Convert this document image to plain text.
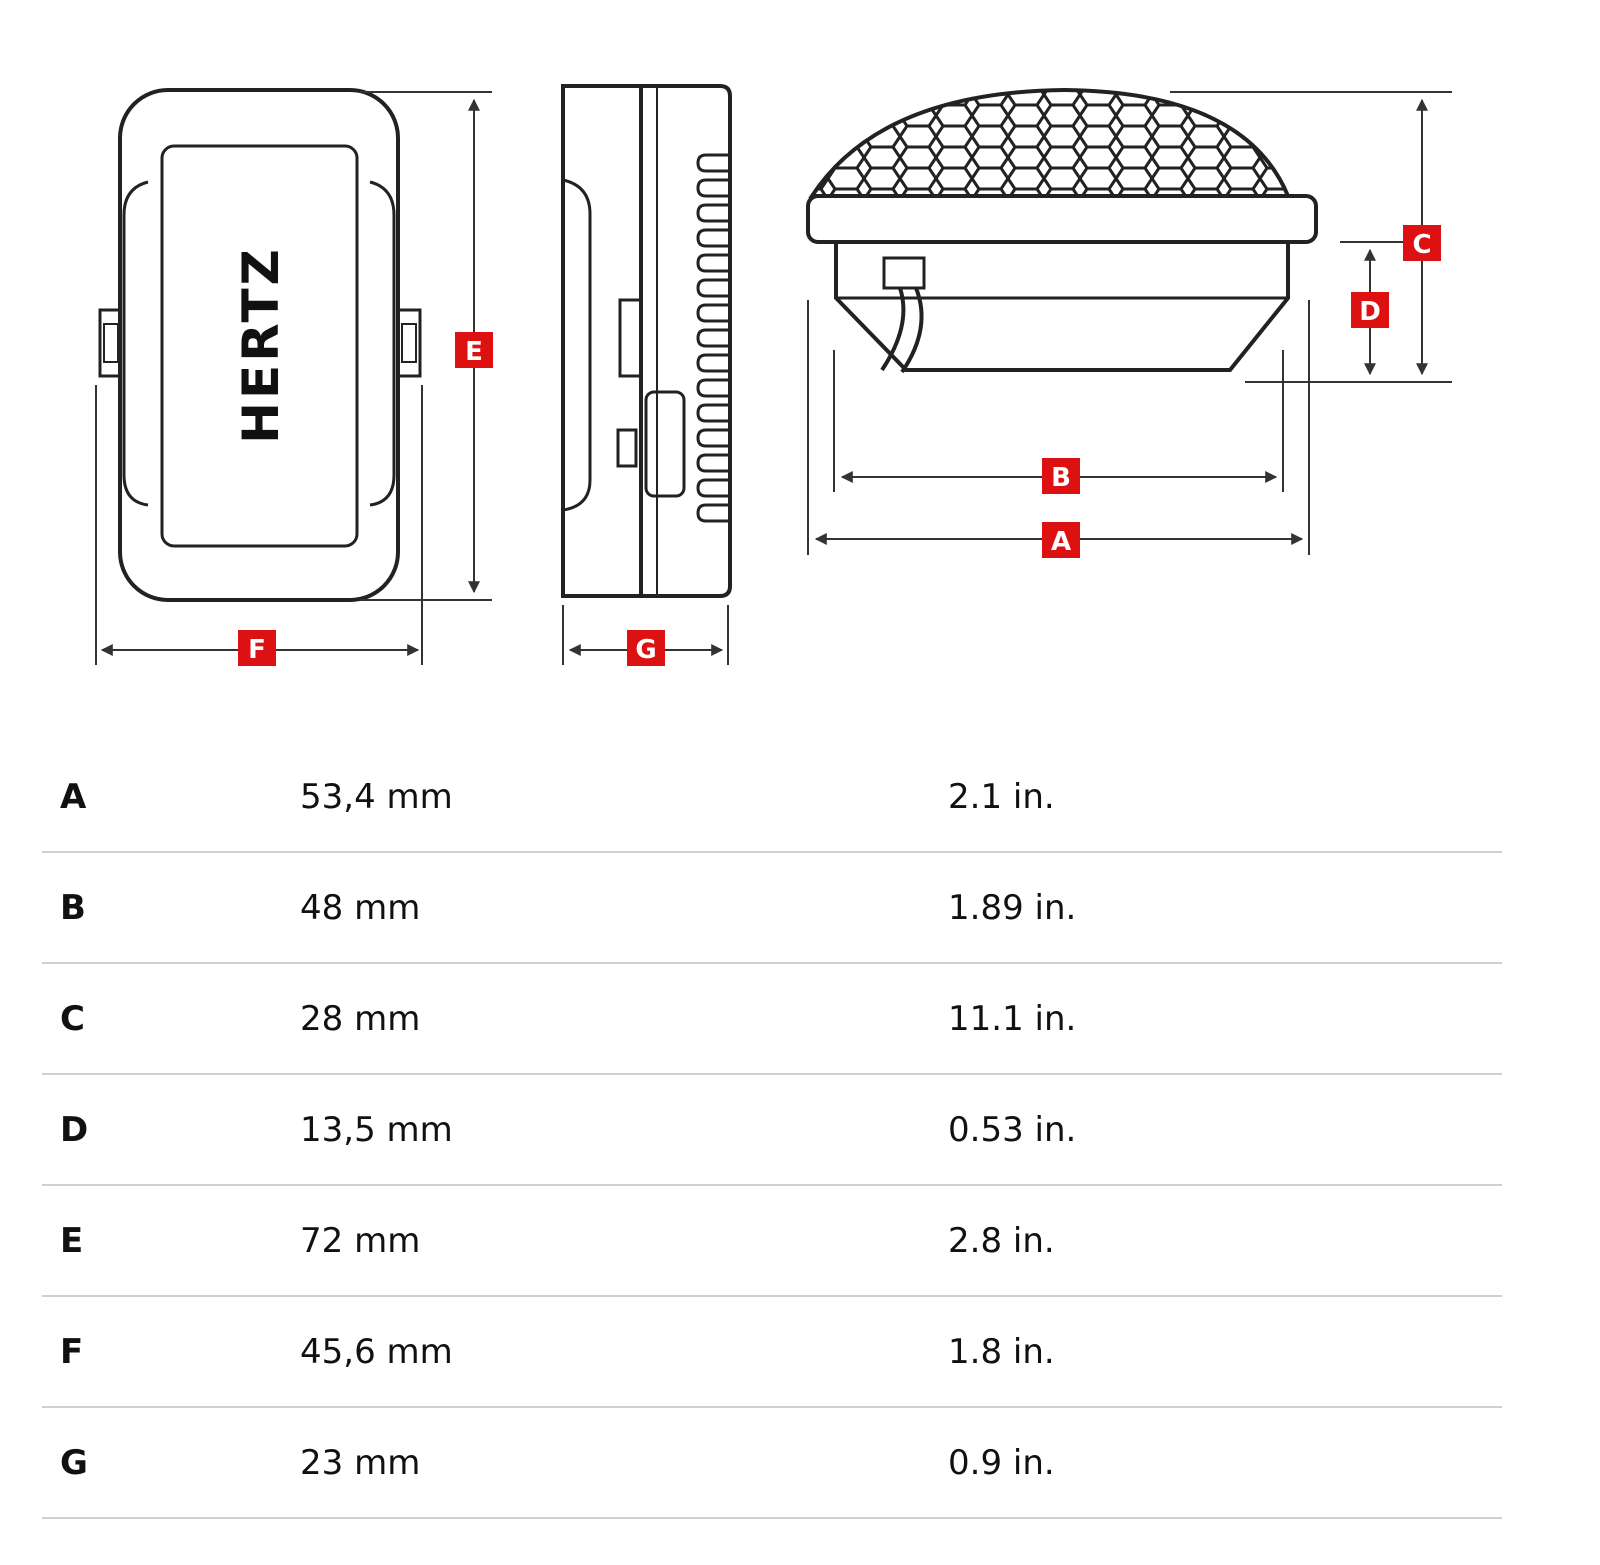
HERTZ	E
F	G
C
D
B
A
A	53,4 mm	2.1 in.
B	48 mm	1.89 in.
C	28 mm	11.1 in.
D	13,5 mm	0.53 in.
E	72 mm	2.8 in.
F	45,6 mm	1.8 in.
G	23 mm	0.9 in.
